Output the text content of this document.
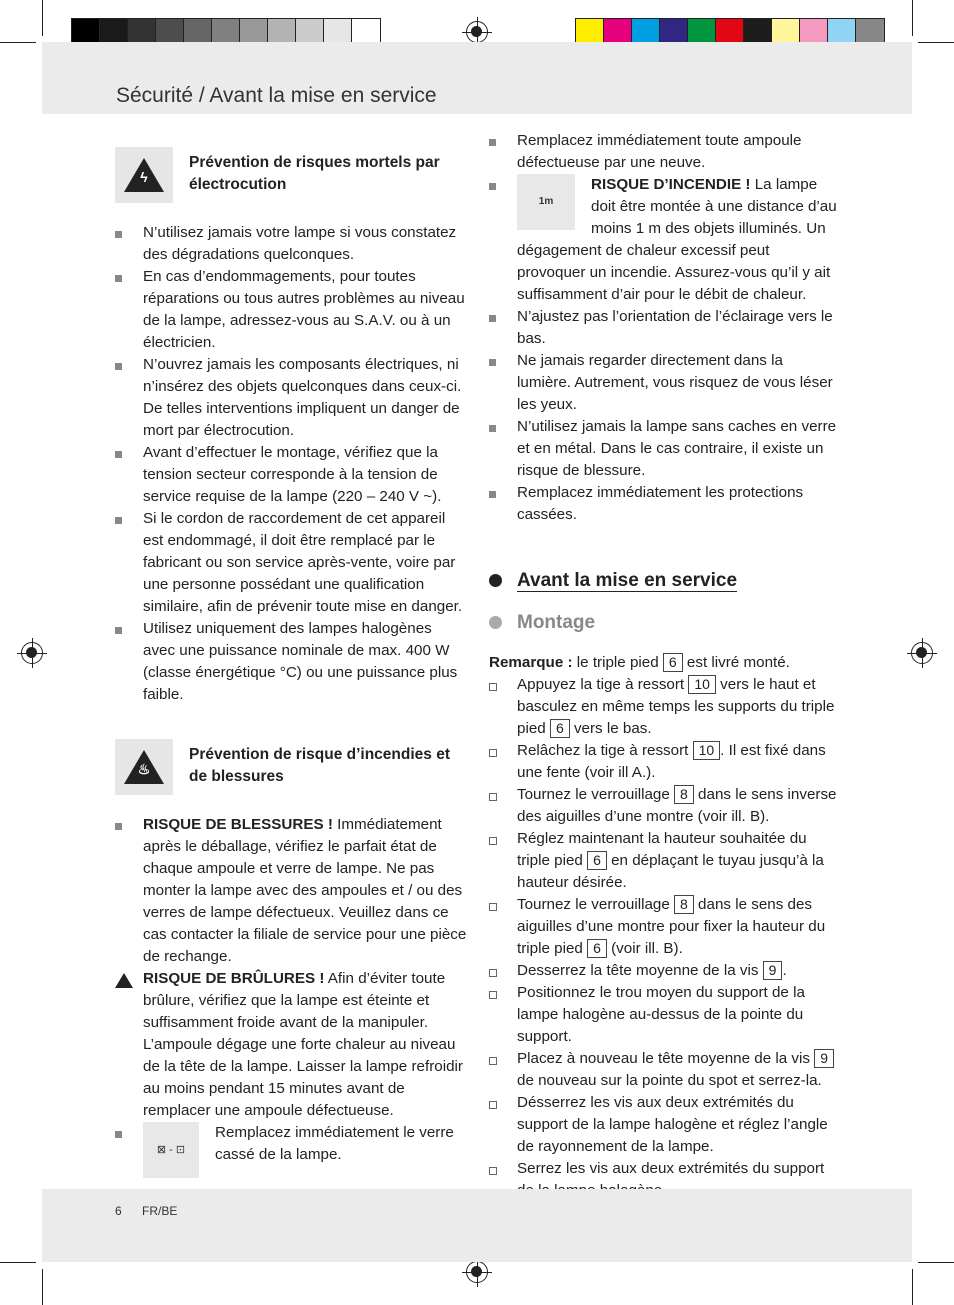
Sécurité / Avant la mise en service
ϟ
Prévention de risques mortels par électrocution
N’utilisez jamais votre lampe si vous constatez des dégradations quelconques.
En cas d’endommagements, pour toutes réparations ou tous autres problèmes au niveau de la lampe, adressez-vous au S.A.V. ou à un électricien.
N’ouvrez jamais les composants électriques, ni n’insérez des objets quelconques dans ceux-ci. De telles interventions impliquent un danger de mort par électrocution.
Avant d’effectuer le montage, vérifiez que la tension secteur corresponde à la tension de service requise de la lampe (220 – 240 V ~).
Si le cordon de raccordement de cet appareil est endommagé, il doit être remplacé par le fabricant ou son service après-vente, voire par une personne possédant une qualification similaire, afin de prévenir toute mise en danger.
Utilisez uniquement des lampes halogènes avec une puissance nominale de max. 400 W (classe énergétique °C) ou une puissance plus faible.
♨
Prévention de risque d’incendies et de blessures
RISQUE DE BLESSURES ! Immédiatement après le déballage, vérifiez le parfait état de chaque ampoule et verre de lampe. Ne pas monter la lampe avec des ampoules et / ou des verres de lampe défectueux. Veuillez dans ce cas contacter la filiale de service pour une pièce de rechange.
RISQUE DE BRÛLURES ! Afin d’éviter toute brûlure, vérifiez que la lampe est éteinte et suffisamment froide avant de la manipuler. L’ampoule dégage une forte chaleur au niveau de la tête de la lampe. Laisser la lampe refroidir au moins pendant 15 minutes avant de remplacer une ampoule défectueuse.
⊠ - ⊡
Remplacez immédiatement le verre cassé de la lampe.
Remplacez immédiatement toute ampoule défectueuse par une neuve.
1m
RISQUE D’INCENDIE ! La lampe doit être montée à une distance d’au moins 1 m des objets illuminés. Un dégagement de chaleur excessif peut provoquer un incendie. Assurez-vous qu’il y ait suffisamment d’air pour le débit de chaleur.
N’ajustez pas l’orientation de l’éclairage vers le bas.
Ne jamais regarder directement dans la lumière. Autrement, vous risquez de vous léser les yeux.
N’utilisez jamais la lampe sans caches en verre et en métal. Dans le cas contraire, il existe un risque de blessure.
Remplacez immédiatement les protections cassées.
Avant la mise en service
Montage
Remarque : le triple pied 6 est livré monté.
Appuyez la tige à ressort 10 vers le haut et basculez en même temps les supports du triple pied 6 vers le bas.
Relâchez la tige à ressort 10 . Il est fixé dans une fente (voir ill A.).
Tournez le verrouillage 8 dans le sens inverse des aiguilles d’une montre (voir ill. B).
Réglez maintenant la hauteur souhaitée du triple pied 6 en déplaçant le tuyau jusqu’à la hauteur désirée.
Tournez le verrouillage 8 dans le sens des aiguilles d’une montre pour fixer la hauteur du triple pied 6 (voir ill. B).
Desserrez la tête moyenne de la vis 9 .
Positionnez le trou moyen du support de la lampe halogène au-dessus de la pointe du support.
Placez à nouveau le tête moyenne de la vis 9 de nouveau sur la pointe du spot et serrez-la.
Désserrez les vis aux deux extrémités du support de la lampe halogène et réglez l’angle de rayonnement de la lampe.
Serrez les vis aux deux extrémités du support
6 FR/BE
